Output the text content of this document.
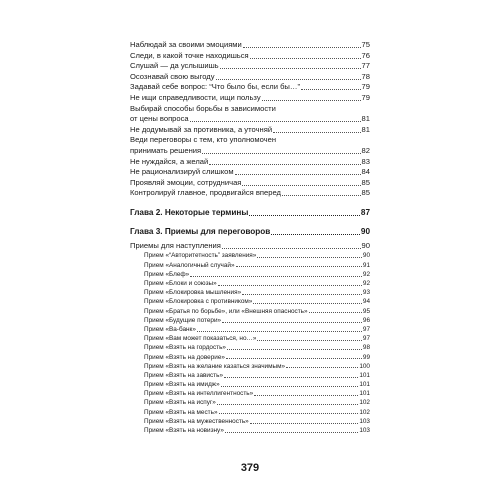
Наблюдай за своими эмоциями	75
Следи, в какой точке находишься	76
Слушай — да услышишь	77
Осознавай свою выгоду	78
Задавай себе вопрос: “Что было бы, если бы…”	79
Не ищи справедливости, ищи пользу	79
Выбирай способы борьбы в зависимости
от цены вопроса	81
Не додумывай за противника, а уточняй	81
Веди переговоры с тем, кто уполномочен
принимать решения	82
Не нуждайся, а желай	83
Не рационализируй слишком	84
Проявляй эмоции, сотрудничая	85
Контролируй главное, продвигайся вперед	85
Глава 2. Некоторые термины	87
Глава 3. Приемы для переговоров	90
Приемы для наступления	90
Прием «“Авторитетность” заявления»	90
Прием «Аналогичный случай»	91
Прием «Блеф»	92
Прием «Блоки и союзы»	92
Прием «Блокировка мышления»	93
Прием «Блокировка с противником»	94
Прием «Братья по борьбе», или «Внешняя опасность»	95
Прием «Будущие потери»	96
Прием «Ва-банк»	97
Прием «Вам может показаться, но…»	97
Прием «Взять на гордость»	98
Прием «Взять на доверие»	99
Прием «Взять на желание казаться значимым»	100
Прием «Взять на зависть»	101
Прием «Взять на имидж»	101
Прием «Взять на интеллигентность»	101
Прием «Взять на испуг»	102
Прием «Взять на месть»	102
Прием «Взять на мужественность»	103
Прием «Взять на новизну»	103
379
